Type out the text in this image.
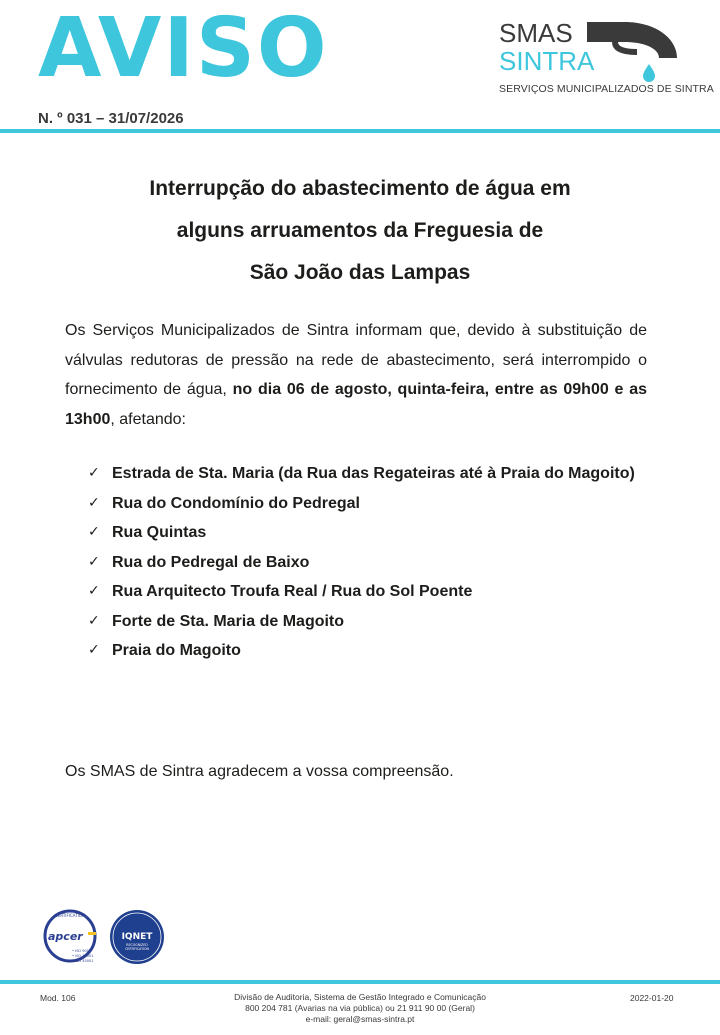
AVISO	SMAS
SINTRA
SERVIÇOS MUNICIPALIZADOS DE SINTRA
N. º 031 – 31/07/2026
Interrupção do abastecimento de água em
alguns arruamentos da Freguesia de
São João das Lampas

Os Serviços Municipalizados de Sintra informam que, devido à substituição de válvulas redutoras de pressão na rede de abastecimento, será interrompido o fornecimento de água, no dia 06 de agosto, quinta-feira, entre as 09h00 e as 13h00, afetando:

✓ Estrada de Sta. Maria (da Rua das Regateiras até à Praia do Magoito)
✓ Rua do Condomínio do Pedregal
✓ Rua Quintas
✓ Rua do Pedregal de Baixo
✓ Rua Arquitecto Troufa Real / Rua do Sol Poente
✓ Forte de Sta. Maria de Magoito
✓ Praia do Magoito
Os SMAS de Sintra agradecem a vossa compreensão.
CERTIFICATION
apcer
• ISO 9001
• ISO 14001
• ISO 45001
IQNET
RECOGNIZED
CERTIFICATION
Mod. 106	Divisão de Auditoria, Sistema de Gestão Integrado e Comunicação
800 204 781 (Avarias na via pública) ou 21 911 90 00 (Geral)
e-mail: geral@smas-sintra.pt
2022-01-20
